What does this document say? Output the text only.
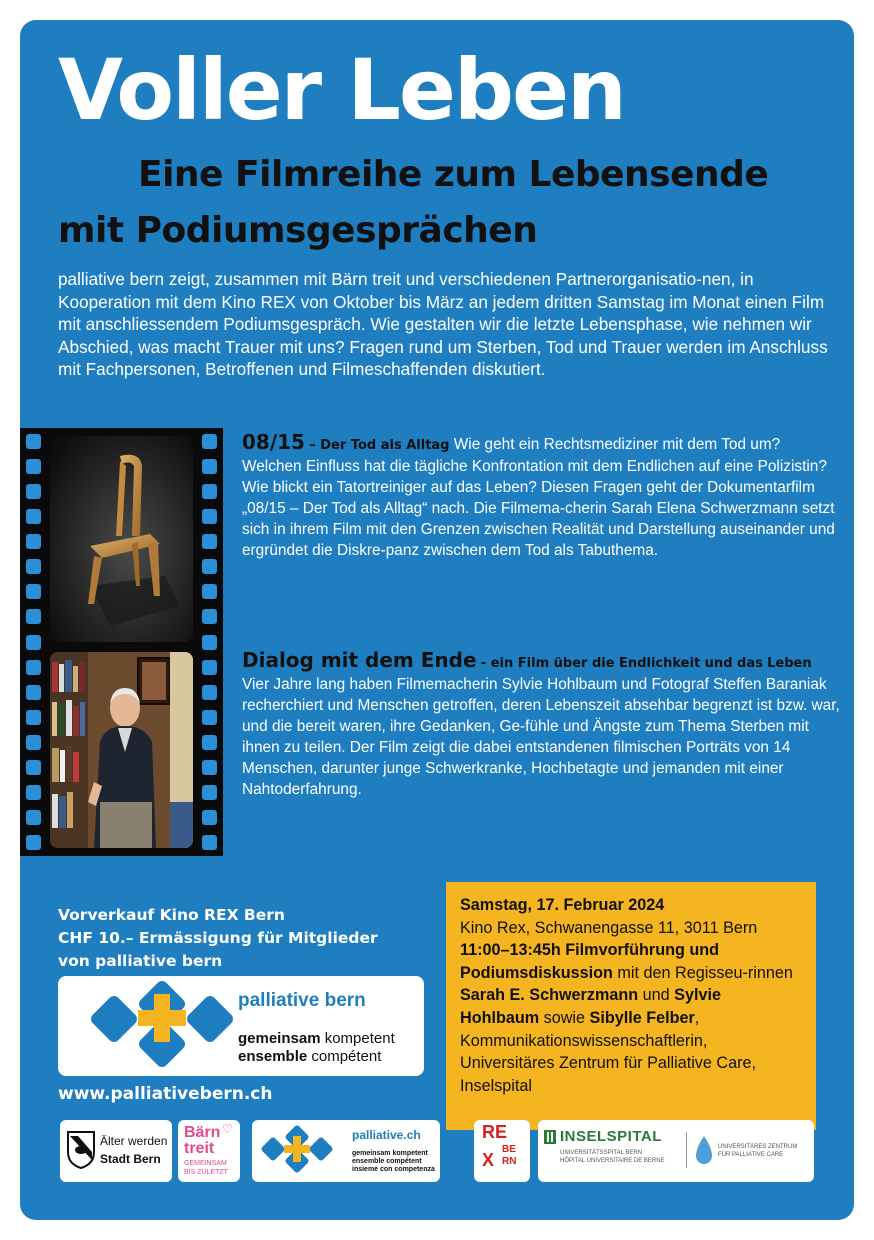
Voller Leben
Eine Filmreihe zum Lebensende
mit Podiumsgesprächen

palliative bern zeigt, zusammen mit Bärn treit und verschiedenen Partnerorganisatio-nen, in Kooperation mit dem Kino REX von Oktober bis März an jedem dritten Samstag im Monat einen Film mit anschliessendem Podiumsgespräch. Wie gestalten wir die letzte Lebensphase, wie nehmen wir Abschied, was macht Trauer mit uns? Fragen rund um Sterben, Tod und Trauer werden im Anschluss mit Fachpersonen, Betroffenen und Filmeschaffenden diskutiert.

08/15 – Der Tod als Alltag Wie geht ein Rechtsmediziner mit dem Tod um? Welchen Einfluss hat die tägliche Konfrontation mit dem Endlichen auf eine Polizistin? Wie blickt ein Tatortreiniger auf das Leben? Diesen Fragen geht der Dokumentarfilm „08/15 – Der Tod als Alltag“ nach. Die Filmema-cherin Sarah Elena Schwerzmann setzt sich in ihrem Film mit den Grenzen zwischen Realität und Darstellung auseinander und ergründet die Diskre-panz zwischen dem Tod als Tabuthema.
Dialog mit dem Ende - ein Film über die Endlichkeit und das Leben Vier Jahre lang haben Filmemacherin Sylvie Hohlbaum und Fotograf Steffen Baraniak recherchiert und Menschen getroffen, deren Lebenszeit absehbar begrenzt ist bzw. war, und die bereit waren, ihre Gedanken, Ge-fühle und Ängste zum Thema Sterben mit ihnen zu teilen. Der Film zeigt die dabei entstandenen filmischen Porträts von 14 Menschen, darunter junge Schwerkranke, Hochbetagte und jemanden mit einer Nahtoderfahrung.
Vorverkauf Kino REX Bern
CHF 10.– Ermässigung für Mitglieder
von palliative bern
palliative bern
gemeinsam kompetent
ensemble compétent
www.palliativebern.ch
Samstag, 17. Februar 2024
Kino Rex, Schwanengasse 11, 3011 Bern
11:00–13:45h Filmvorführung und Podiumsdiskussion mit den Regisseu-rinnen Sarah E. Schwerzmann und Sylvie Hohlbaum sowie Sibylle Felber, Kommunikationswissenschaftlerin, Universitäres Zentrum für Palliative Care, Inselspital
Älter werden
Stadt Bern
Bärn
treit
GEMEINSAM
BIS ZULETZT
♡	palliative.ch
gemeinsam kompetent
ensemble compétent
insieme con competenza
RE
BE
X RN
INSELSPITAL
UNIVERSITÄTSSPITAL BERN
HÔPITAL UNIVERSITAIRE DE BERNE
UNIVERSITÄRES ZENTRUM
FÜR PALLIATIVE CARE
